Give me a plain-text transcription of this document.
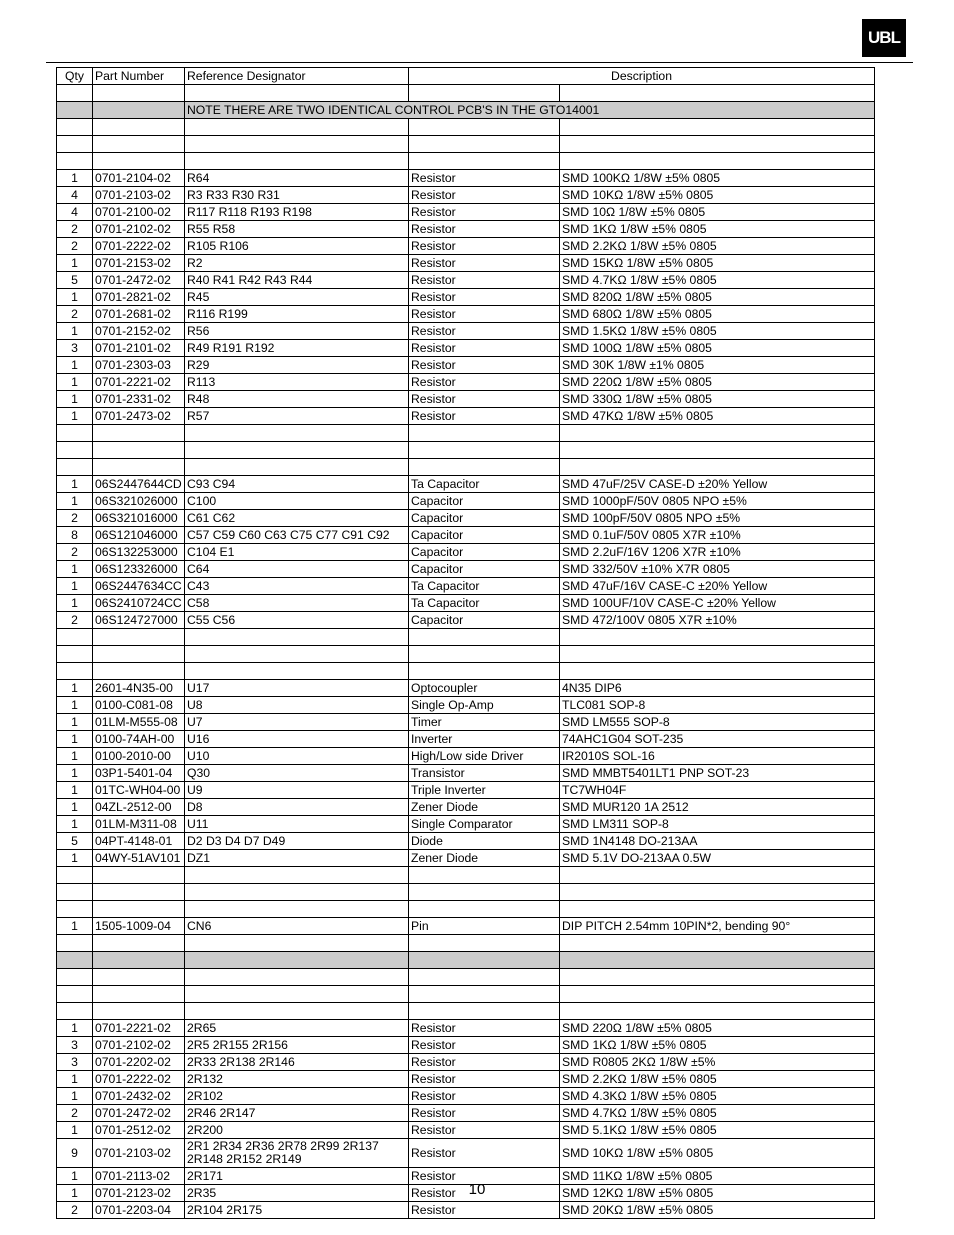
UBL
Qty	Part Number	Reference Designator	Description	

		NOTE THERE ARE TWO IDENTICAL CONTROL PCB'S IN THE GTO14001		

1	0701-2104-02	R64	Resistor	SMD 100KΩ 1/8W ±5% 0805
4	0701-2103-02	R3 R33 R30 R31	Resistor	SMD 10KΩ 1/8W ±5% 0805
4	0701-2100-02	R117 R118 R193 R198	Resistor	SMD 10Ω 1/8W ±5% 0805
2	0701-2102-02	R55 R58	Resistor	SMD 1KΩ 1/8W ±5% 0805
2	0701-2222-02	R105 R106	Resistor	SMD 2.2KΩ 1/8W ±5% 0805
1	0701-2153-02	R2	Resistor	SMD 15KΩ 1/8W ±5% 0805
5	0701-2472-02	R40 R41 R42 R43 R44	Resistor	SMD 4.7KΩ 1/8W ±5% 0805
1	0701-2821-02	R45	Resistor	SMD 820Ω 1/8W ±5% 0805
2	0701-2681-02	R116 R199	Resistor	SMD 680Ω 1/8W ±5% 0805
1	0701-2152-02	R56	Resistor	SMD 1.5KΩ 1/8W ±5% 0805
3	0701-2101-02	R49 R191 R192	Resistor	SMD 100Ω 1/8W ±5% 0805
1	0701-2303-03	R29	Resistor	SMD 30K 1/8W ±1% 0805
1	0701-2221-02	R113	Resistor	SMD 220Ω 1/8W ±5% 0805
1	0701-2331-02	R48	Resistor	SMD 330Ω 1/8W ±5% 0805
1	0701-2473-02	R57	Resistor	SMD 47KΩ 1/8W ±5% 0805

1	06S2447644CD	C93 C94	Ta Capacitor	SMD 47uF/25V CASE-D ±20% Yellow
1	06S321026000	C100	Capacitor	SMD 1000pF/50V 0805 NPO ±5%
2	06S321016000	C61 C62	Capacitor	SMD 100pF/50V 0805 NPO ±5%
8	06S121046000	C57 C59 C60 C63 C75 C77 C91 C92	Capacitor	SMD 0.1uF/50V 0805 X7R ±10%
2	06S132253000	C104 E1	Capacitor	SMD 2.2uF/16V 1206 X7R ±10%
1	06S123326000	C64	Capacitor	SMD 332/50V ±10% X7R 0805
1	06S2447634CC	C43	Ta Capacitor	SMD 47uF/16V CASE-C ±20% Yellow
1	06S2410724CC	C58	Ta Capacitor	SMD 100UF/10V CASE-C ±20% Yellow
2	06S124727000	C55 C56	Capacitor	SMD 472/100V 0805 X7R ±10%

1	2601-4N35-00	U17	Optocoupler	4N35 DIP6
1	0100-C081-08	U8	Single Op-Amp	TLC081 SOP-8
1	01LM-M555-08	U7	Timer	SMD LM555 SOP-8
1	0100-74AH-00	U16	Inverter	74AHC1G04 SOT-235
1	0100-2010-00	U10	High/Low side Driver	IR2010S SOL-16
1	03P1-5401-04	Q30	Transistor	SMD MMBT5401LT1 PNP SOT-23
1	01TC-WH04-00	U9	Triple Inverter	TC7WH04F
1	04ZL-2512-00	D8	Zener Diode	SMD MUR120 1A 2512
1	01LM-M311-08	U11	Single Comparator	SMD LM311 SOP-8
5	04PT-4148-01	D2 D3 D4 D7 D49	Diode	SMD 1N4148 DO-213AA
1	04WY-51AV101	DZ1	Zener Diode	SMD 5.1V DO-213AA 0.5W

1	1505-1009-04	CN6	Pin	DIP PITCH 2.54mm 10PIN*2, bending 90°

1	0701-2221-02	2R65	Resistor	SMD 220Ω 1/8W ±5% 0805
3	0701-2102-02	2R5 2R155 2R156	Resistor	SMD 1KΩ 1/8W ±5% 0805
3	0701-2202-02	2R33 2R138 2R146	Resistor	SMD R0805 2KΩ 1/8W ±5%
1	0701-2222-02	2R132	Resistor	SMD 2.2KΩ 1/8W ±5% 0805
1	0701-2432-02	2R102	Resistor	SMD 4.3KΩ 1/8W ±5% 0805
2	0701-2472-02	2R46 2R147	Resistor	SMD 4.7KΩ 1/8W ±5% 0805
1	0701-2512-02	2R200	Resistor	SMD 5.1KΩ 1/8W ±5% 0805
9	0701-2103-02	2R1 2R34 2R36 2R78 2R99 2R137 2R148 2R152 2R149	Resistor	SMD 10KΩ 1/8W ±5% 0805
1	0701-2113-02	2R171	Resistor	SMD 11KΩ 1/8W ±5% 0805
1	0701-2123-02	2R35	Resistor	SMD 12KΩ 1/8W ±5% 0805
2	0701-2203-04	2R104 2R175	Resistor	SMD 20KΩ 1/8W ±5% 0805
10
